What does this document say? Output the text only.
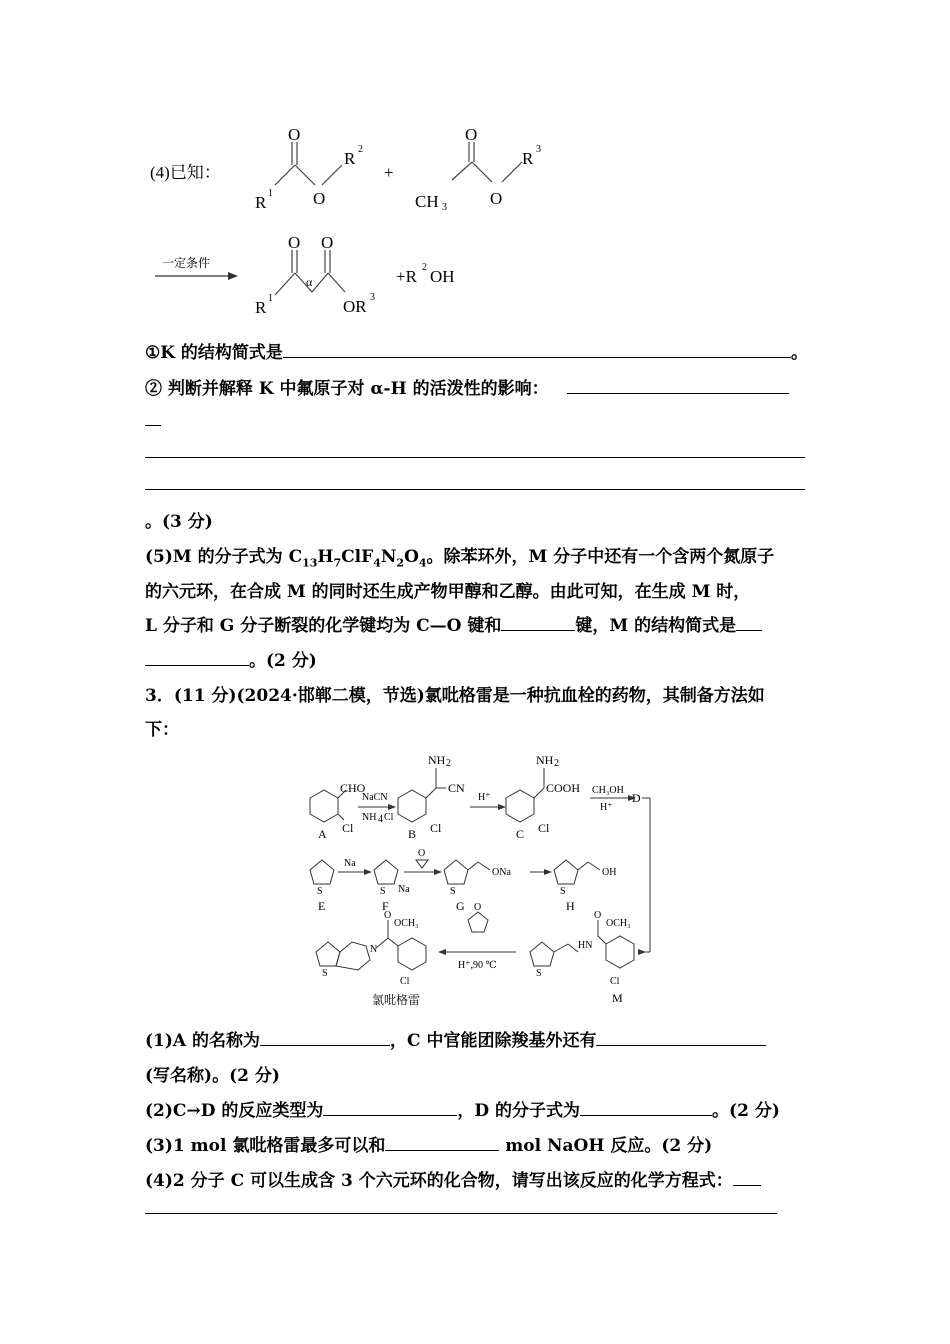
(4)已知：
O
R 1 O
R 2
+
O
CH 3	O
R 3
一定条件
O O
α
R 1	OR 3
+R 2 OH
①K 的结构简式是	。
② 判断并解释 K 中氟原子对 α-H 的活泼性的影响：
。(3 分)
(5)M 的分子式为 $C_{13}H_7ClF_4N_2O_4$。除苯环外，M 分子中还有一个含两个氮原子
的六元环，在合成 M 的同时还生成产物甲醇和乙醇。由此可知，在生成 M 时，
L 分子和 G 分子断裂的化学键均为 C—O 键和	键，M 的结构简式是
。(2 分)
3．(11 分)(2024·邯郸二模，节选)氯吡格雷是一种抗血栓的药物，其制备方法如
下：
CHO
Cl
A
NaCN
NH 4 Cl
NH 2
CN
Cl
B
H⁺
NH 2
COOH
Cl
C
CH₃OH
H⁺
D
S
E
Na
S Na
F
O
S
ONa
G
S
OH
H
O
OCH₃
HN
S
Cl
M
O
H⁺,90 ℃
O
OCH₃
N
S
Cl
氯吡格雷
(1)A 的名称为	，C 中官能团除羧基外还有
(写名称)。(2 分)
(2)C→D 的反应类型为	，D 的分子式为	。(2 分)
(3)1 mol 氯吡格雷最多可以和	mol NaOH 反应。(2 分)
(4)2 分子 C 可以生成含 3 个六元环的化合物，请写出该反应的化学方程式：
